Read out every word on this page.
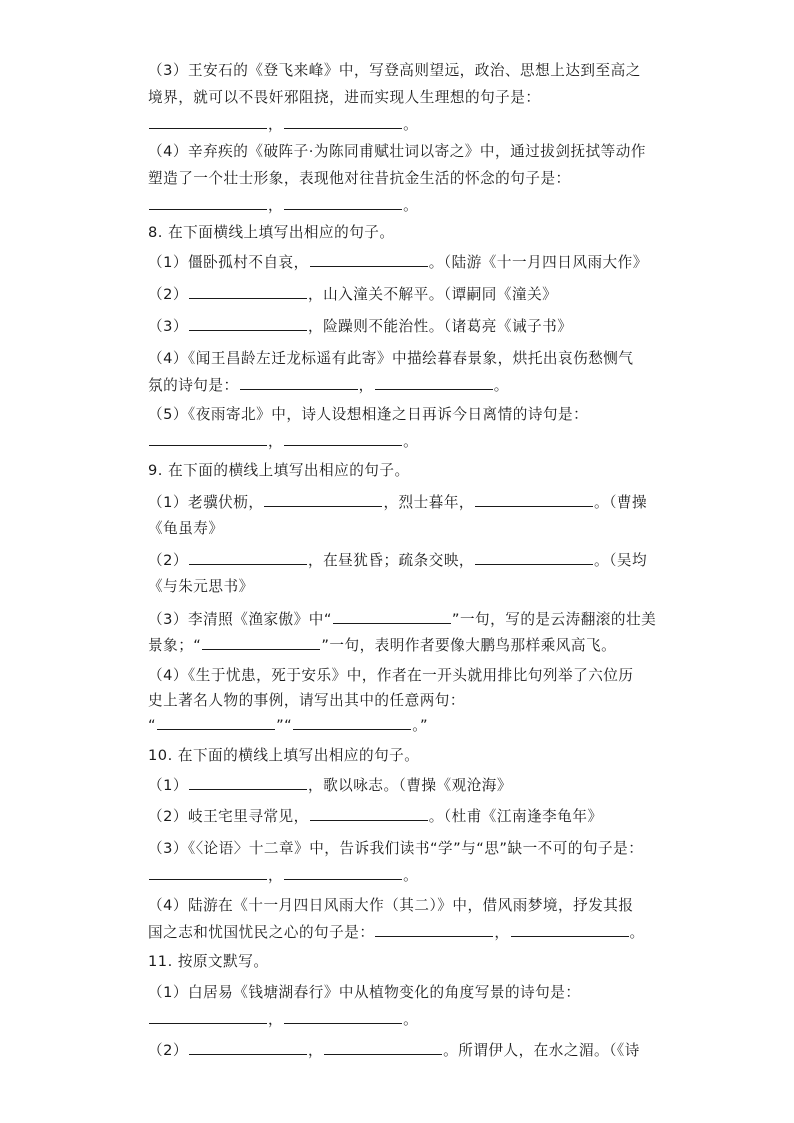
（3）王安石的《登飞来峰》中，写登高则望远，政治、思想上达到至高之
境界，就可以不畏奸邪阻挠，进而实现人生理想的句子是：
，	。
（4）辛弃疾的《破阵子·为陈同甫赋壮词以寄之》中，通过拔剑抚拭等动作
塑造了一个壮士形象，表现他对往昔抗金生活的怀念的句子是：
，	。
8. 在下面横线上填写出相应的句子。
（1）僵卧孤村不自哀，	。（陆游《十一月四日风雨大作》
（2）	，山入潼关不解平。（谭嗣同《潼关》
（3）	，险躁则不能治性。（诸葛亮《诫子书》
（4）《闻王昌龄左迁龙标遥有此寄》中描绘暮春景象，烘托出哀伤愁恻气
氛的诗句是：	，	。
（5）《夜雨寄北》中，诗人设想相逢之日再诉今日离情的诗句是：
，	。
9. 在下面的横线上填写出相应的句子。
（1）老骥伏枥，	，烈士暮年，	。（曹操
《龟虽寿》
（2）	，在昼犹昏；疏条交映，	。（吴均
《与朱元思书》
（3）李清照《渔家傲》中“	”一句，写的是云涛翻滚的壮美
景象；“	”一句，表明作者要像大鹏鸟那样乘风高飞。
（4）《生于忧患，死于安乐》中，作者在一开头就用排比句列举了六位历
史上著名人物的事例，请写出其中的任意两句：
“	”“	。”
10. 在下面的横线上填写出相应的句子。
（1）	，歌以咏志。（曹操《观沧海》
（2）岐王宅里寻常见，	。（杜甫《江南逢李龟年》
（3）《〈论语〉十二章》中，告诉我们读书“学”与“思”缺一不可的句子是：
，	。
（4）陆游在《十一月四日风雨大作（其二）》中，借风雨梦境，抒发其报
国之志和忧国忧民之心的句子是：	，	。
11. 按原文默写。
（1）白居易《钱塘湖春行》中从植物变化的角度写景的诗句是：
，	。
（2）	，	。所谓伊人，在水之湄。（《诗
